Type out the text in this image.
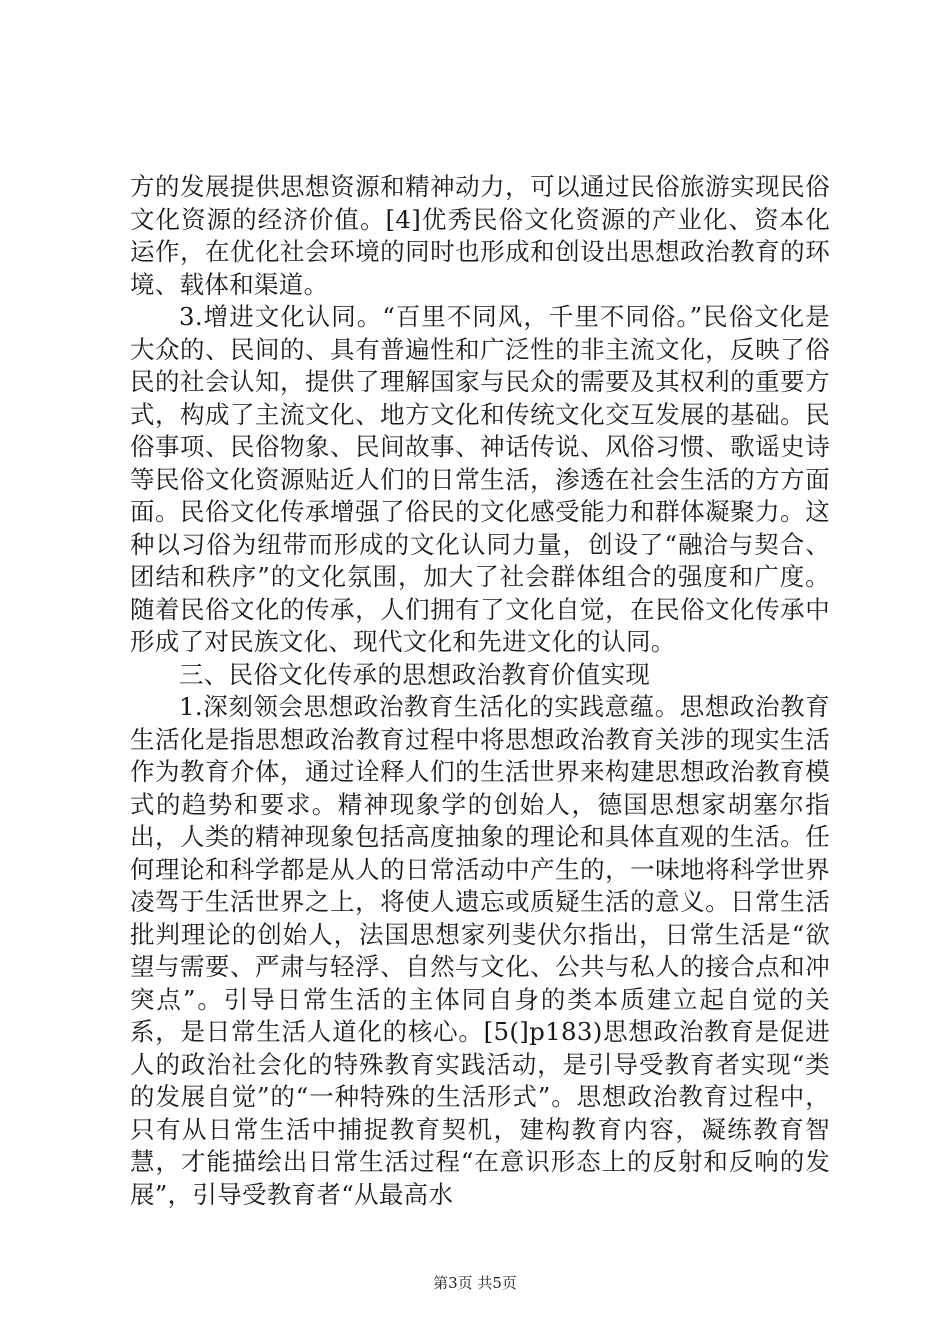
方的发展提供思想资源和精神动力，可以通过民俗旅游实现民俗文化资源的经济价值。[4]优秀民俗文化资源的产业化、资本化运作，在优化社会环境的同时也形成和创设出思想政治教育的环境、载体和渠道。

3.增进文化认同。“百里不同风，千里不同俗。”民俗文化是大众的、民间的、具有普遍性和广泛性的非主流文化，反映了俗民的社会认知，提供了理解国家与民众的需要及其权利的重要方式，构成了主流文化、地方文化和传统文化交互发展的基础。民俗事项、民俗物象、民间故事、神话传说、风俗习惯、歌谣史诗等民俗文化资源贴近人们的日常生活，渗透在社会生活的方方面面。民俗文化传承增强了俗民的文化感受能力和群体凝聚力。这种以习俗为纽带而形成的文化认同力量，创设了“融洽与契合、团结和秩序”的文化氛围，加大了社会群体组合的强度和广度。随着民俗文化的传承，人们拥有了文化自觉，在民俗文化传承中形成了对民族文化、现代文化和先进文化的认同。

三、民俗文化传承的思想政治教育价值实现

1.深刻领会思想政治教育生活化的实践意蕴。思想政治教育生活化是指思想政治教育过程中将思想政治教育关涉的现实生活作为教育介体，通过诠释人们的生活世界来构建思想政治教育模式的趋势和要求。精神现象学的创始人，德国思想家胡塞尔指出，人类的精神现象包括高度抽象的理论和具体直观的生活。任何理论和科学都是从人的日常活动中产生的，一味地将科学世界凌驾于生活世界之上，将使人遗忘或质疑生活的意义。日常生活批判理论的创始人，法国思想家列斐伏尔指出，日常生活是“欲望与需要、严肃与轻浮、自然与文化、公共与私人的接合点和冲突点”。引导日常生活的主体同自身的类本质建立起自觉的关系，是日常生活人道化的核心。[5(]p183)思想政治教育是促进人的政治社会化的特殊教育实践活动，是引导受教育者实现“类的发展自觉”的“一种特殊的生活形式”。思想政治教育过程中，只有从日常生活中捕捉教育契机，建构教育内容，凝练教育智慧，才能描绘出日常生活过程“在意识形态上的反射和反响的发展”，引导受教育者“从最高水

第3页 共5页
